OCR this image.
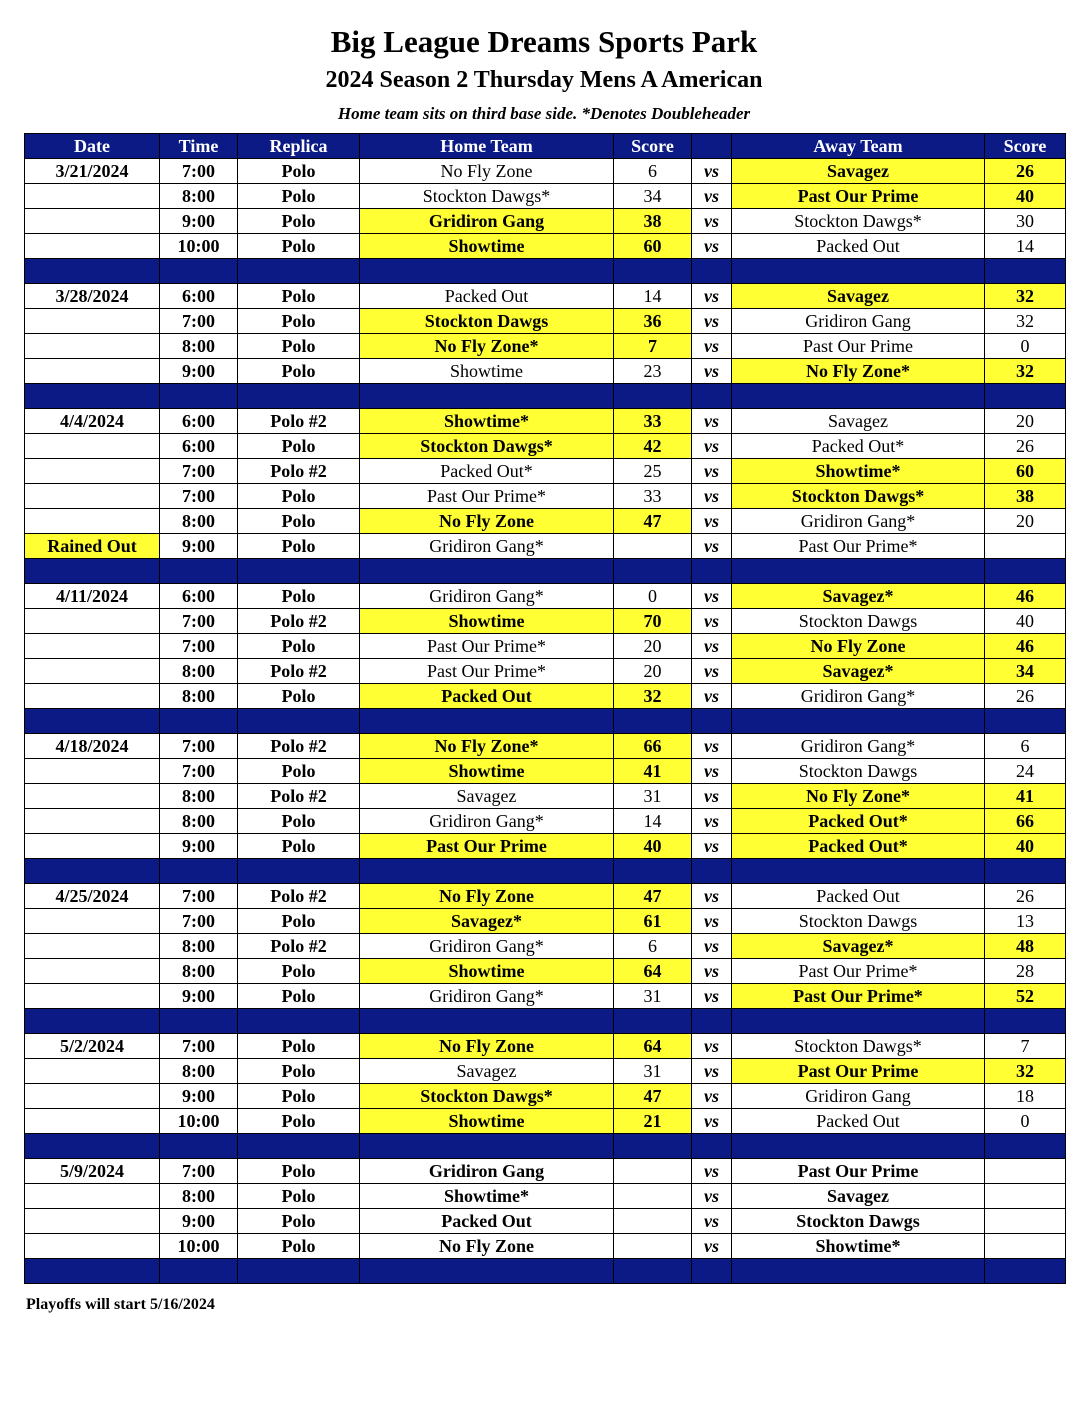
Big League Dreams Sports Park
2024 Season 2 Thursday Mens A American
Home team sits on third base side. *Denotes Doubleheader
Date	Time	Replica	Home Team	Score		Away Team	Score
3/21/2024	7:00	Polo	No Fly Zone	6	vs	Savagez	26
	8:00	Polo	Stockton Dawgs*	34	vs	Past Our Prime	40
	9:00	Polo	Gridiron Gang	38	vs	Stockton Dawgs*	30
	10:00	Polo	Showtime	60	vs	Packed Out	14

3/28/2024	6:00	Polo	Packed Out	14	vs	Savagez	32
	7:00	Polo	Stockton Dawgs	36	vs	Gridiron Gang	32
	8:00	Polo	No Fly Zone*	7	vs	Past Our Prime	0
	9:00	Polo	Showtime	23	vs	No Fly Zone*	32

4/4/2024	6:00	Polo #2	Showtime*	33	vs	Savagez	20
	6:00	Polo	Stockton Dawgs*	42	vs	Packed Out*	26
	7:00	Polo #2	Packed Out*	25	vs	Showtime*	60
	7:00	Polo	Past Our Prime*	33	vs	Stockton Dawgs*	38
	8:00	Polo	No Fly Zone	47	vs	Gridiron Gang*	20
Rained Out	9:00	Polo	Gridiron Gang*		vs	Past Our Prime*	

4/11/2024	6:00	Polo	Gridiron Gang*	0	vs	Savagez*	46
	7:00	Polo #2	Showtime	70	vs	Stockton Dawgs	40
	7:00	Polo	Past Our Prime*	20	vs	No Fly Zone	46
	8:00	Polo #2	Past Our Prime*	20	vs	Savagez*	34
	8:00	Polo	Packed Out	32	vs	Gridiron Gang*	26

4/18/2024	7:00	Polo #2	No Fly Zone*	66	vs	Gridiron Gang*	6
	7:00	Polo	Showtime	41	vs	Stockton Dawgs	24
	8:00	Polo #2	Savagez	31	vs	No Fly Zone*	41
	8:00	Polo	Gridiron Gang*	14	vs	Packed Out*	66
	9:00	Polo	Past Our Prime	40	vs	Packed Out*	40

4/25/2024	7:00	Polo #2	No Fly Zone	47	vs	Packed Out	26
	7:00	Polo	Savagez*	61	vs	Stockton Dawgs	13
	8:00	Polo #2	Gridiron Gang*	6	vs	Savagez*	48
	8:00	Polo	Showtime	64	vs	Past Our Prime*	28
	9:00	Polo	Gridiron Gang*	31	vs	Past Our Prime*	52

5/2/2024	7:00	Polo	No Fly Zone	64	vs	Stockton Dawgs*	7
	8:00	Polo	Savagez	31	vs	Past Our Prime	32
	9:00	Polo	Stockton Dawgs*	47	vs	Gridiron Gang	18
	10:00	Polo	Showtime	21	vs	Packed Out	0

5/9/2024	7:00	Polo	Gridiron Gang		vs	Past Our Prime	
	8:00	Polo	Showtime*		vs	Savagez	
	9:00	Polo	Packed Out		vs	Stockton Dawgs	
	10:00	Polo	No Fly Zone		vs	Showtime*	

Playoffs will start 5/16/2024
